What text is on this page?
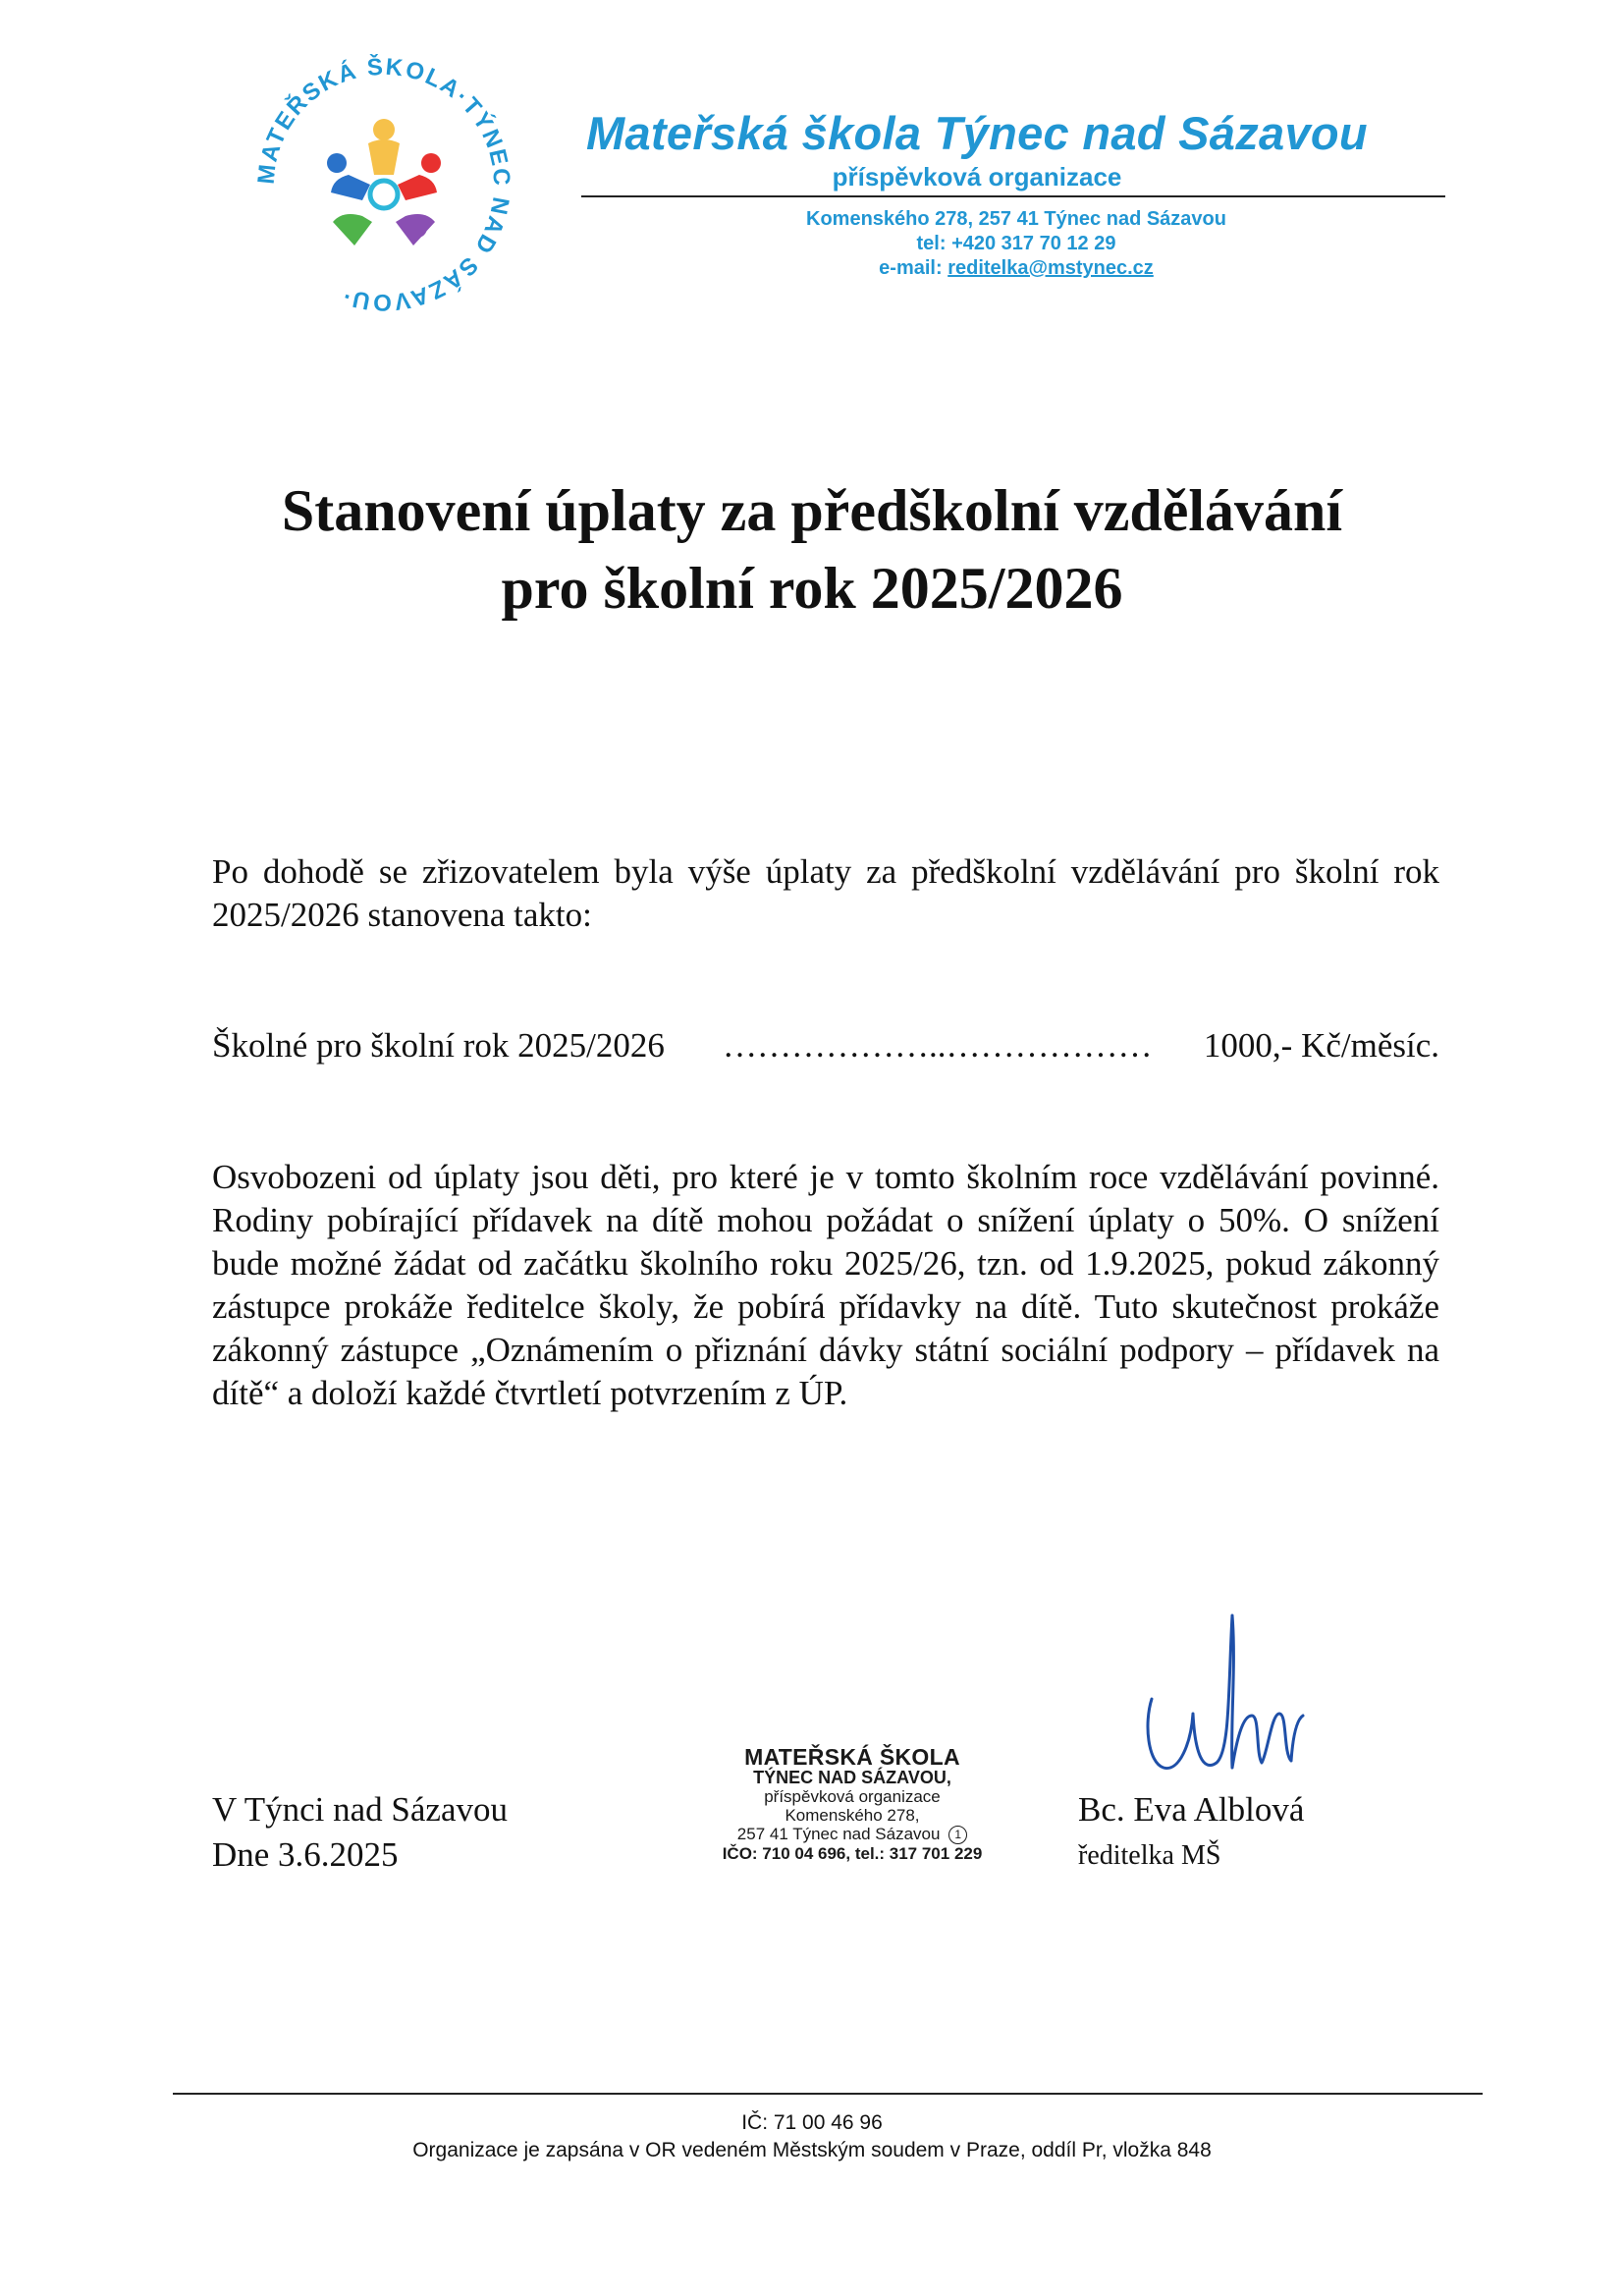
MATEŘSKÁ ŠKOLA·TÝNEC NAD SÁZAVOU·
Mateřská škola Týnec nad Sázavou
příspěvková organizace
Komenského 278, 257 41 Týnec nad Sázavou
tel: +420 317 70 12 29
e-mail: reditelka@mstynec.cz
Stanovení úplaty za předškolní vzdělávání
pro školní rok 2025/2026
Po dohodě se zřizovatelem byla výše úplaty za předškolní vzdělávání pro školní rok 2025/2026 stanovena takto:
Školné pro školní rok 2025/2026 ………………..……………… 1000,- Kč/měsíc.
Osvobozeni od úplaty jsou děti, pro které je v tomto školním roce vzdělávání povinné. Rodiny pobírající přídavek na dítě mohou požádat o snížení úplaty o 50%. O snížení bude možné žádat od začátku školního roku 2025/26, tzn. od 1.9.2025, pokud zákonný zástupce prokáže ředitelce školy, že pobírá přídavky na dítě. Tuto skutečnost prokáže zákonný zástupce „Oznámením o přiznání dávky státní sociální podpory – přídavek na dítě“ a doloží každé čtvrtletí potvrzením z ÚP.
V Týnci nad Sázavou
Dne 3.6.2025
MATEŘSKÁ ŠKOLA
TÝNEC NAD SÁZAVOU,
příspěvková organizace
Komenského 278,
257 41 Týnec nad Sázavou 1
IČO: 710 04 696, tel.: 317 701 229
Bc. Eva Alblová
ředitelka MŠ
IČ: 71 00 46 96
Organizace je zapsána v OR vedeném Městským soudem v Praze, oddíl Pr, vložka 848
